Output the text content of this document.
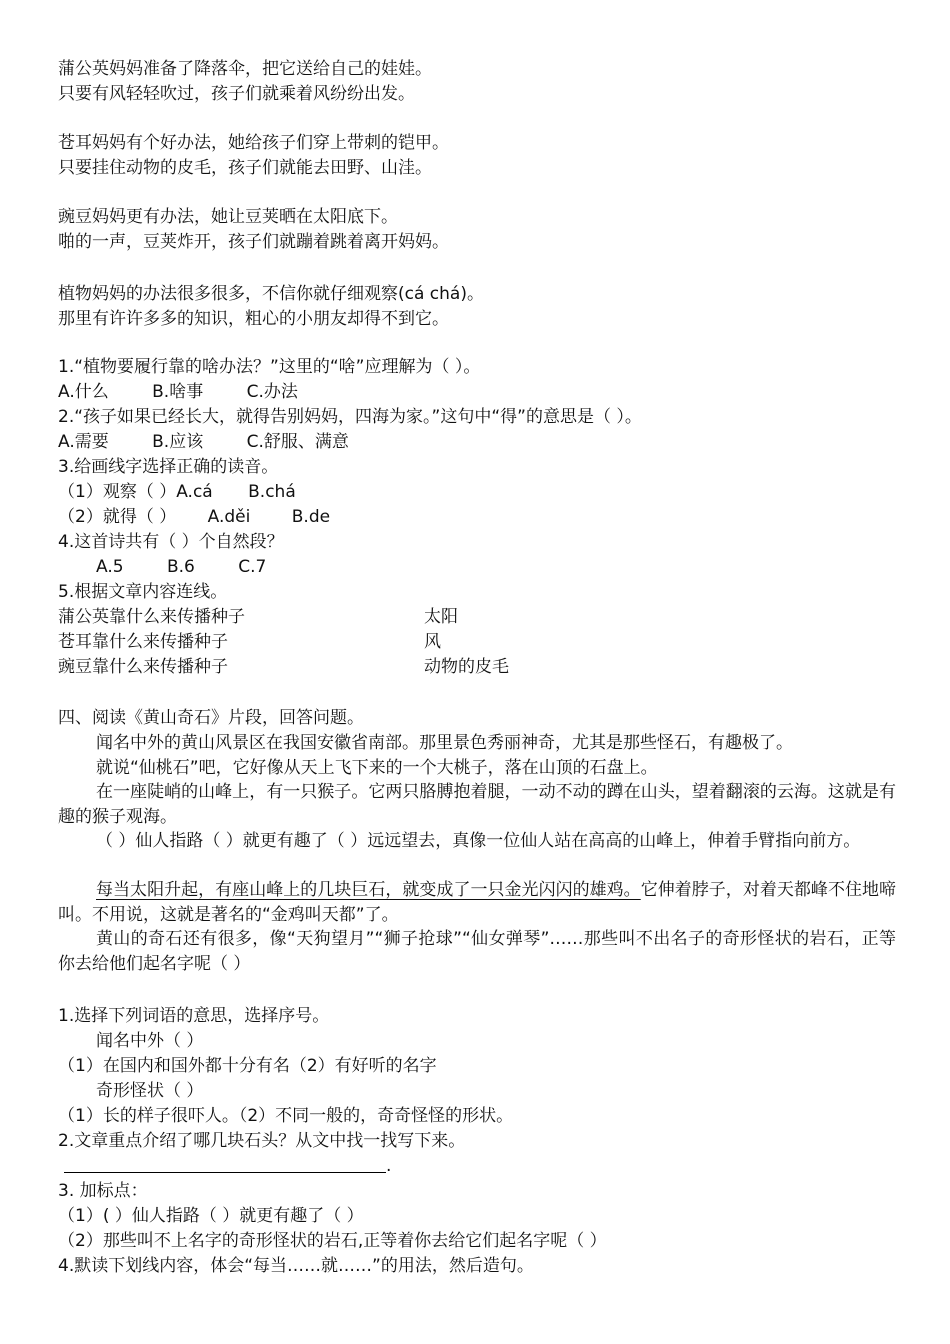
蒲公英妈妈准备了降落伞，把它送给自己的娃娃。
只要有风轻轻吹过，孩子们就乘着风纷纷出发。
苍耳妈妈有个好办法，她给孩子们穿上带刺的铠甲。
只要挂住动物的皮毛，孩子们就能去田野、山洼。
豌豆妈妈更有办法，她让豆荚晒在太阳底下。
啪的一声，豆荚炸开，孩子们就蹦着跳着离开妈妈。
植物妈妈的办法很多很多，不信你就仔细观察(cá chá)。
那里有许许多多的知识，粗心的小朋友却得不到它。
1.“植物要履行靠的啥办法？”这里的“啥”应理解为（ ）。
A.什么	B.啥事	C.办法
2.“孩子如果已经长大，就得告别妈妈，四海为家。”这句中“得”的意思是（ ）。
A.需要	B.应该	C.舒服、满意
3.给画线字选择正确的读音。
（1）观察（ ）A.cá B.chá
（2）就得（ ） A.děi B.de
4.这首诗共有（ ）个自然段？
A.5	B.6	C.7
5.根据文章内容连线。
蒲公英靠什么来传播种子	太阳
苍耳靠什么来传播种子	风
豌豆靠什么来传播种子	动物的皮毛
四、阅读《黄山奇石》片段，回答问题。
闻名中外的黄山风景区在我国安徽省南部。那里景色秀丽神奇，尤其是那些怪石，有趣极了。
就说“仙桃石”吧，它好像从天上飞下来的一个大桃子，落在山顶的石盘上。
在一座陡峭的山峰上，有一只猴子。它两只胳膊抱着腿，一动不动的蹲在山头，望着翻滚的云海。这就是有趣的猴子观海。
（ ）仙人指路（ ）就更有趣了（ ）远远望去，真像一位仙人站在高高的山峰上，伸着手臂指向前方。
每当太阳升起，有座山峰上的几块巨石，就变成了一只金光闪闪的雄鸡。它伸着脖子，对着天都峰不住地啼叫。不用说，这就是著名的“金鸡叫天都”了。
黄山的奇石还有很多，像“天狗望月”“狮子抢球”“仙女弹琴”……那些叫不出名子的奇形怪状的岩石，正等你去给他们起名字呢（ ）
1.选择下列词语的意思，选择序号。
闻名中外（ ）
（1）在国内和国外都十分有名（2）有好听的名字
奇形怪状（ ）
（1）长的样子很吓人。（2）不同一般的，奇奇怪怪的形状。
2.文章重点介绍了哪几块石头？从文中找一找写下来。
.
3. 加标点：
（1）( ）仙人指路（ ）就更有趣了（ ）
（2）那些叫不上名字的奇形怪状的岩石,正等着你去给它们起名字呢（ ）
4.默读下划线内容，体会“每当……就……”的用法，然后造句。
